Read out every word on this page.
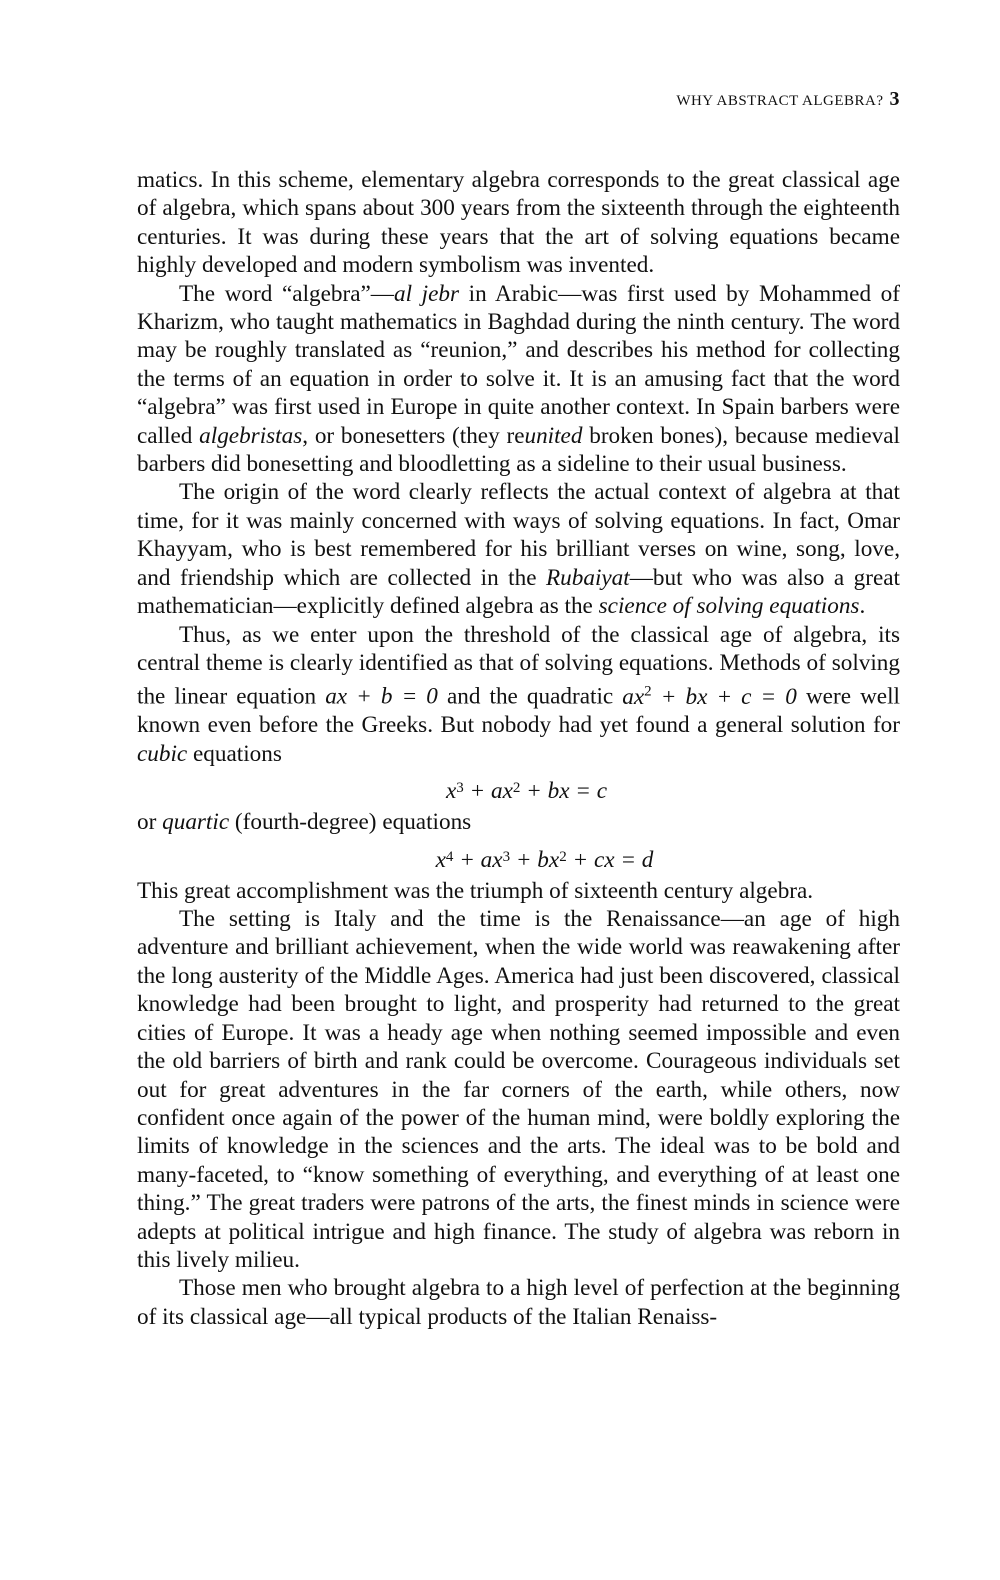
WHY ABSTRACT ALGEBRA? 3

matics. In this scheme, elementary algebra corresponds to the great classical age of algebra, which spans about 300 years from the sixteenth through the eighteenth centuries. It was during these years that the art of solving equations became highly developed and modern symbolism was invented.

The word “algebra”—al jebr in Arabic—was first used by Mohammed of Kharizm, who taught mathematics in Baghdad during the ninth century. The word may be roughly translated as “reunion,” and describes his method for collecting the terms of an equation in order to solve it. It is an amusing fact that the word “algebra” was first used in Europe in quite another context. In Spain barbers were called algebristas, or bonesetters (they reunited broken bones), because medieval barbers did bonesetting and bloodletting as a sideline to their usual business.

The origin of the word clearly reflects the actual context of algebra at that time, for it was mainly concerned with ways of solving equations. In fact, Omar Khayyam, who is best remembered for his brilliant verses on wine, song, love, and friendship which are collected in the Rubaiyat—but who was also a great mathematician—explicitly defined algebra as the science of solving equations.

Thus, as we enter upon the threshold of the classical age of algebra, its central theme is clearly identified as that of solving equations. Methods of solving the linear equation ax + b = 0 and the quadratic $ax^2$ + bx + c = 0 were well known even before the Greeks. But nobody had yet found a general solution for cubic equations

$x^3 + ax^2$ + bx = c

or quartic (fourth-degree) equations

$x^4 + ax^3 + bx^2$ + cx = d

This great accomplishment was the triumph of sixteenth century algebra.

The setting is Italy and the time is the Renaissance—an age of high adventure and brilliant achievement, when the wide world was reawakening after the long austerity of the Middle Ages. America had just been discovered, classical knowledge had been brought to light, and prosperity had returned to the great cities of Europe. It was a heady age when nothing seemed impossible and even the old barriers of birth and rank could be overcome. Courageous individuals set out for great adventures in the far corners of the earth, while others, now confident once again of the power of the human mind, were boldly exploring the limits of knowledge in the sciences and the arts. The ideal was to be bold and many-faceted, to “know something of everything, and everything of at least one thing.” The great traders were patrons of the arts, the finest minds in science were adepts at political intrigue and high finance. The study of algebra was reborn in this lively milieu.

Those men who brought algebra to a high level of perfection at the beginning of its classical age—all typical products of the Italian Renaiss-
